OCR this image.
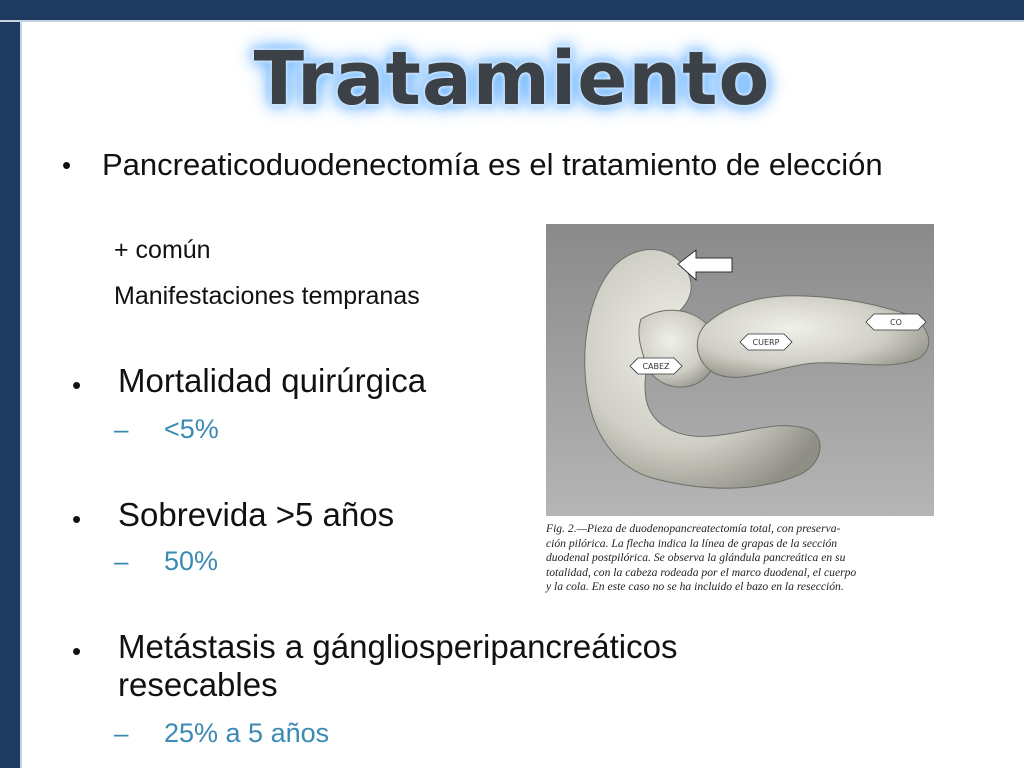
Tratamiento
• Pancreaticoduodenectomía es el tratamiento de elección
+ común
Manifestaciones tempranas
• Mortalidad quirúrgica
– <5%
• Sobrevida >5 años
– 50%
• Metástasis a gángliosperipancreáticos resecables
– 25% a 5 años
CABEZ
CUERP
CO
Fig. 2.—Pieza de duodenopancreatectomía total, con preserva-
ción pilórica. La flecha indica la línea de grapas de la sección
duodenal postpilórica. Se observa la glándula pancreática en su
totalidad, con la cabeza rodeada por el marco duodenal, el cuerpo
y la cola. En este caso no se ha incluido el bazo en la resección.
